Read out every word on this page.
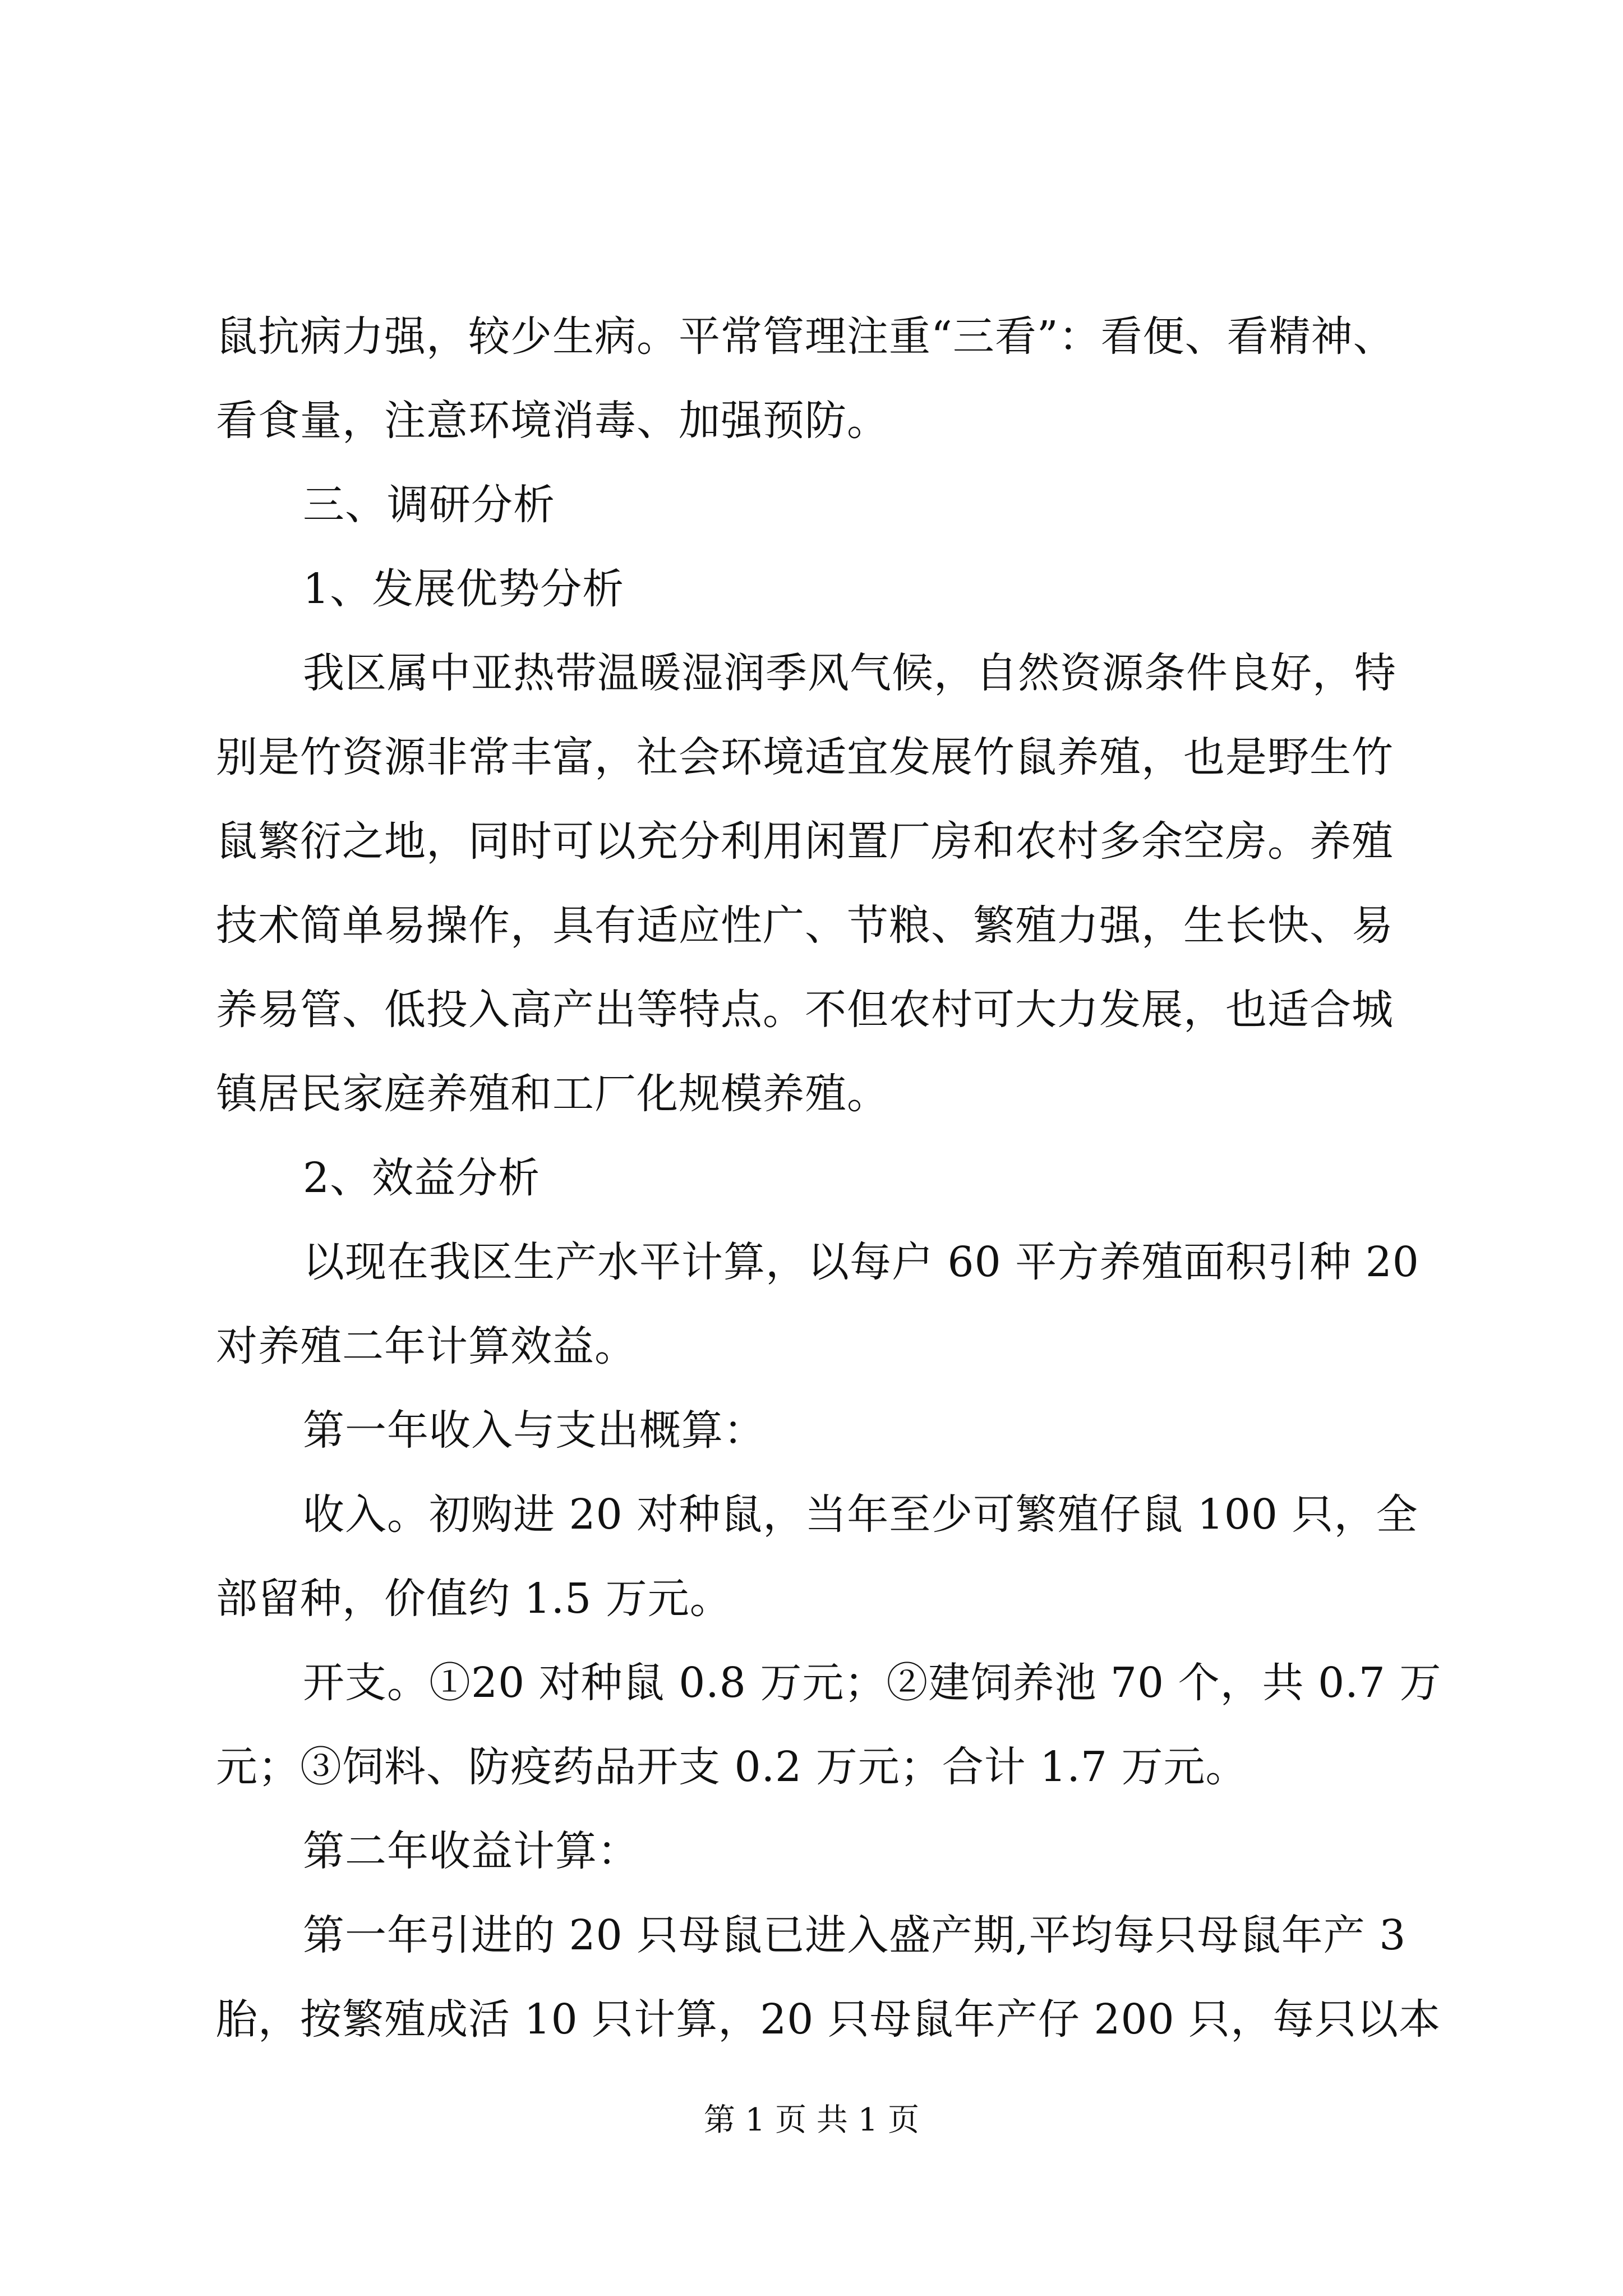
鼠抗病力强，较少生病。平常管理注重“三看”：看便、看精神、
看食量，注意环境消毒、加强预防。
三、调研分析
1、发展优势分析
我区属中亚热带温暖湿润季风气候，自然资源条件良好，特
别是竹资源非常丰富，社会环境适宜发展竹鼠养殖，也是野生竹
鼠繁衍之地，同时可以充分利用闲置厂房和农村多余空房。养殖
技术简单易操作，具有适应性广、节粮、繁殖力强，生长快、易
养易管、低投入高产出等特点。不但农村可大力发展，也适合城
镇居民家庭养殖和工厂化规模养殖。
2、效益分析
以现在我区生产水平计算，以每户 60 平方养殖面积引种 20
对养殖二年计算效益。
第一年收入与支出概算：
收入。初购进 20 对种鼠，当年至少可繁殖仔鼠 100 只，全
部留种，价值约 1.5 万元。
开支。①20 对种鼠 0.8 万元；②建饲养池 70 个，共 0.7 万
元；③饲料、防疫药品开支 0.2 万元；合计 1.7 万元。
第二年收益计算：
第一年引进的 20 只母鼠已进入盛产期,平均每只母鼠年产 3
胎，按繁殖成活 10 只计算，20 只母鼠年产仔 200 只，每只以本
第 1 页 共 1 页
